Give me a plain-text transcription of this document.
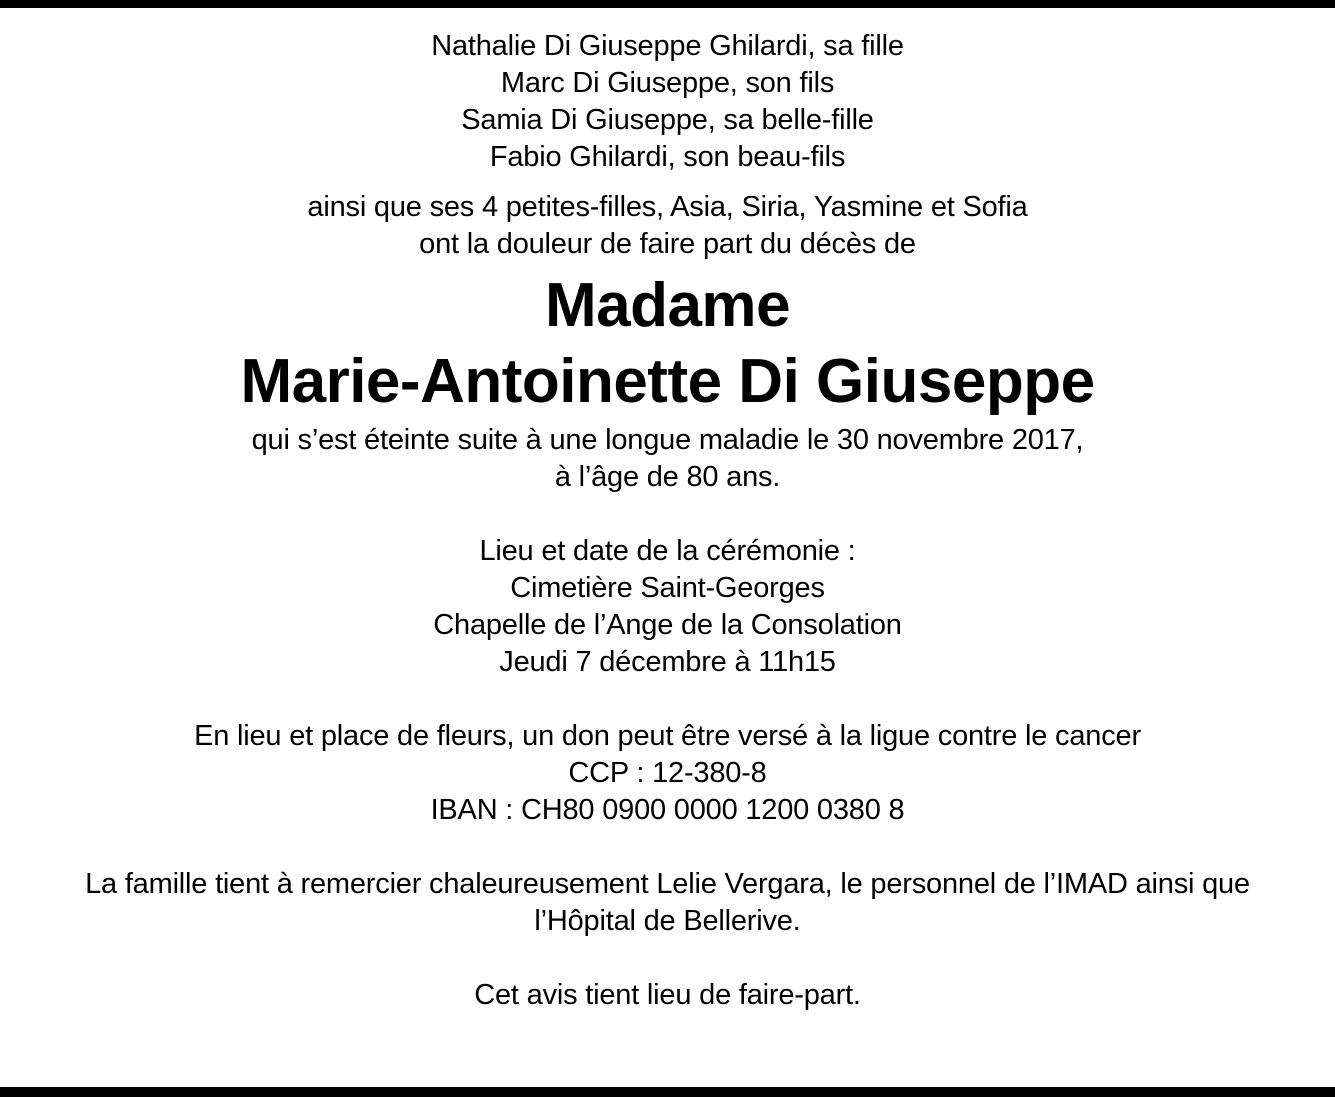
Nathalie Di Giuseppe Ghilardi, sa fille
Marc Di Giuseppe, son fils
Samia Di Giuseppe, sa belle-fille
Fabio Ghilardi, son beau-fils
ainsi que ses 4 petites-filles, Asia, Siria, Yasmine et Sofia
ont la douleur de faire part du décès de
Madame
Marie-Antoinette Di Giuseppe
qui s’est éteinte suite à une longue maladie le 30 novembre 2017,
à l’âge de 80 ans.
Lieu et date de la cérémonie :
Cimetière Saint-Georges
Chapelle de l’Ange de la Consolation
Jeudi 7 décembre à 11h15
En lieu et place de fleurs, un don peut être versé à la ligue contre le cancer
CCP : 12-380-8
IBAN : CH80 0900 0000 1200 0380 8
La famille tient à remercier chaleureusement Lelie Vergara, le personnel de l’IMAD ainsi que
l’Hôpital de Bellerive.
Cet avis tient lieu de faire-part.
